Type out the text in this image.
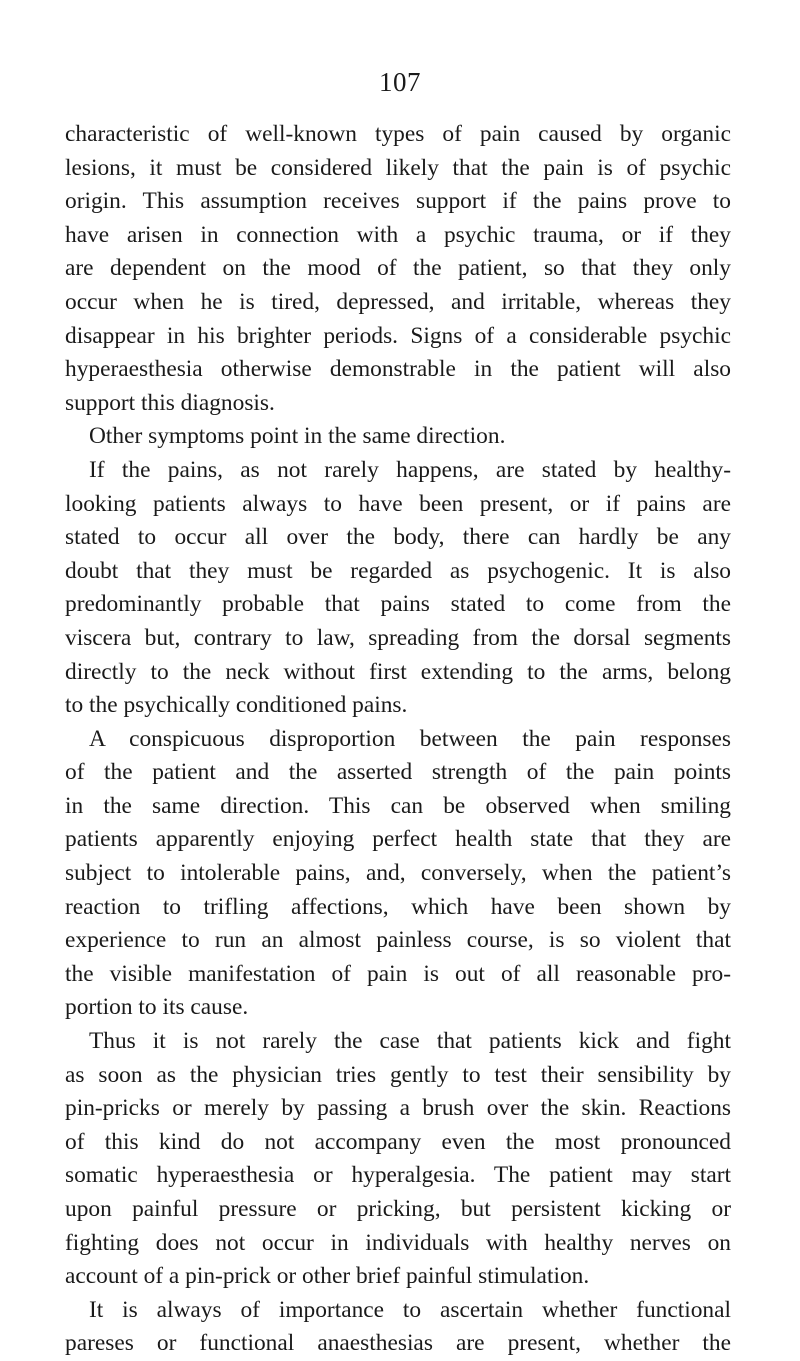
107
characteristic of well-known types of pain caused by organic
lesions, it must be considered likely that the pain is of psychic
origin. This assumption receives support if the pains prove to
have arisen in connection with a psychic trauma, or if they
are dependent on the mood of the patient, so that they only
occur when he is tired, depressed, and irritable, whereas they
disappear in his brighter periods. Signs of a considerable psychic
hyperaesthesia otherwise demonstrable in the patient will also
support this diagnosis.
Other symptoms point in the same direction.
If the pains, as not rarely happens, are stated by healthy-
looking patients always to have been present, or if pains are
stated to occur all over the body, there can hardly be any
doubt that they must be regarded as psychogenic. It is also
predominantly probable that pains stated to come from the
viscera but, contrary to law, spreading from the dorsal segments
directly to the neck without first extending to the arms, belong
to the psychically conditioned pains.
A conspicuous disproportion between the pain responses
of the patient and the asserted strength of the pain points
in the same direction. This can be observed when smiling
patients apparently enjoying perfect health state that they are
subject to intolerable pains, and, conversely, when the patient’s
reaction to trifling affections, which have been shown by
experience to run an almost painless course, is so violent that
the visible manifestation of pain is out of all reasonable pro-
portion to its cause.
Thus it is not rarely the case that patients kick and fight
as soon as the physician tries gently to test their sensibility by
pin-pricks or merely by passing a brush over the skin. Reactions
of this kind do not accompany even the most pronounced
somatic hyperaesthesia or hyperalgesia. The patient may start
upon painful pressure or pricking, but persistent kicking or
fighting does not occur in individuals with healthy nerves on
account of a pin-prick or other brief painful stimulation.
It is always of importance to ascertain whether functional
pareses or functional anaesthesias are present, whether the
